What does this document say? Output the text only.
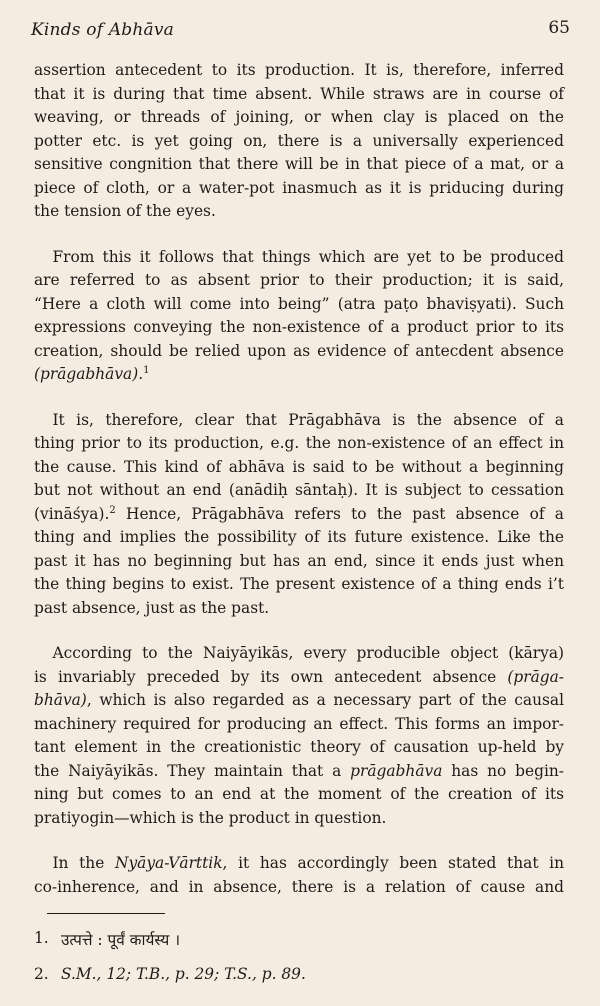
Kinds of Abhāva	65
assertion antecedent to its production. It is, therefore, inferred
that it is during that time absent. While straws are in course of
weaving, or threads of joining, or when clay is placed on the
potter etc. is yet going on, there is a universally experienced
sensitive congnition that there will be in that piece of a mat, or a
piece of cloth, or a water-pot inasmuch as it is priducing during
the tension of the eyes.
From this it follows that things which are yet to be produced
are referred to as absent prior to their production; it is said,
“Here a cloth will come into being” (atra paṭo bhaviṣyati). Such
expressions conveying the non-existence of a product prior to its
creation, should be relied upon as evidence of antecdent absence
(prāgabhāva).$^1$
It is, therefore, clear that Prāgabhāva is the absence of a
thing prior to its production, e.g. the non-existence of an effect in
the cause. This kind of abhāva is said to be without a beginning
but not without an end (anādiḥ sāntaḥ). It is subject to cessation
(vināśya).$^2$ Hence, Prāgabhāva refers to the past absence of a
thing and implies the possibility of its future existence. Like the
past it has no beginning but has an end, since it ends just when
the thing begins to exist. The present existence of a thing ends i’t
past absence, just as the past.
According to the Naiyāyikās, every producible object (kārya)
is invariably preceded by its own antecedent absence (prāga-
bhāva), which is also regarded as a necessary part of the causal
machinery required for producing an effect. This forms an impor-
tant element in the creationistic theory of causation up-held by
the Naiyāyikās. They maintain that a prāgabhāva has no begin-
ning but comes to an end at the moment of the creation of its
pratiyogin—which is the product in question.
In the Nyāya-Vārttik, it has accordingly been stated that in
co-inherence, and in absence, there is a relation of cause and
1. उत्पत्ते : पूर्वं कार्यस्य ।
2. S.M., 12; T.B., p. 29; T.S., p. 89.
